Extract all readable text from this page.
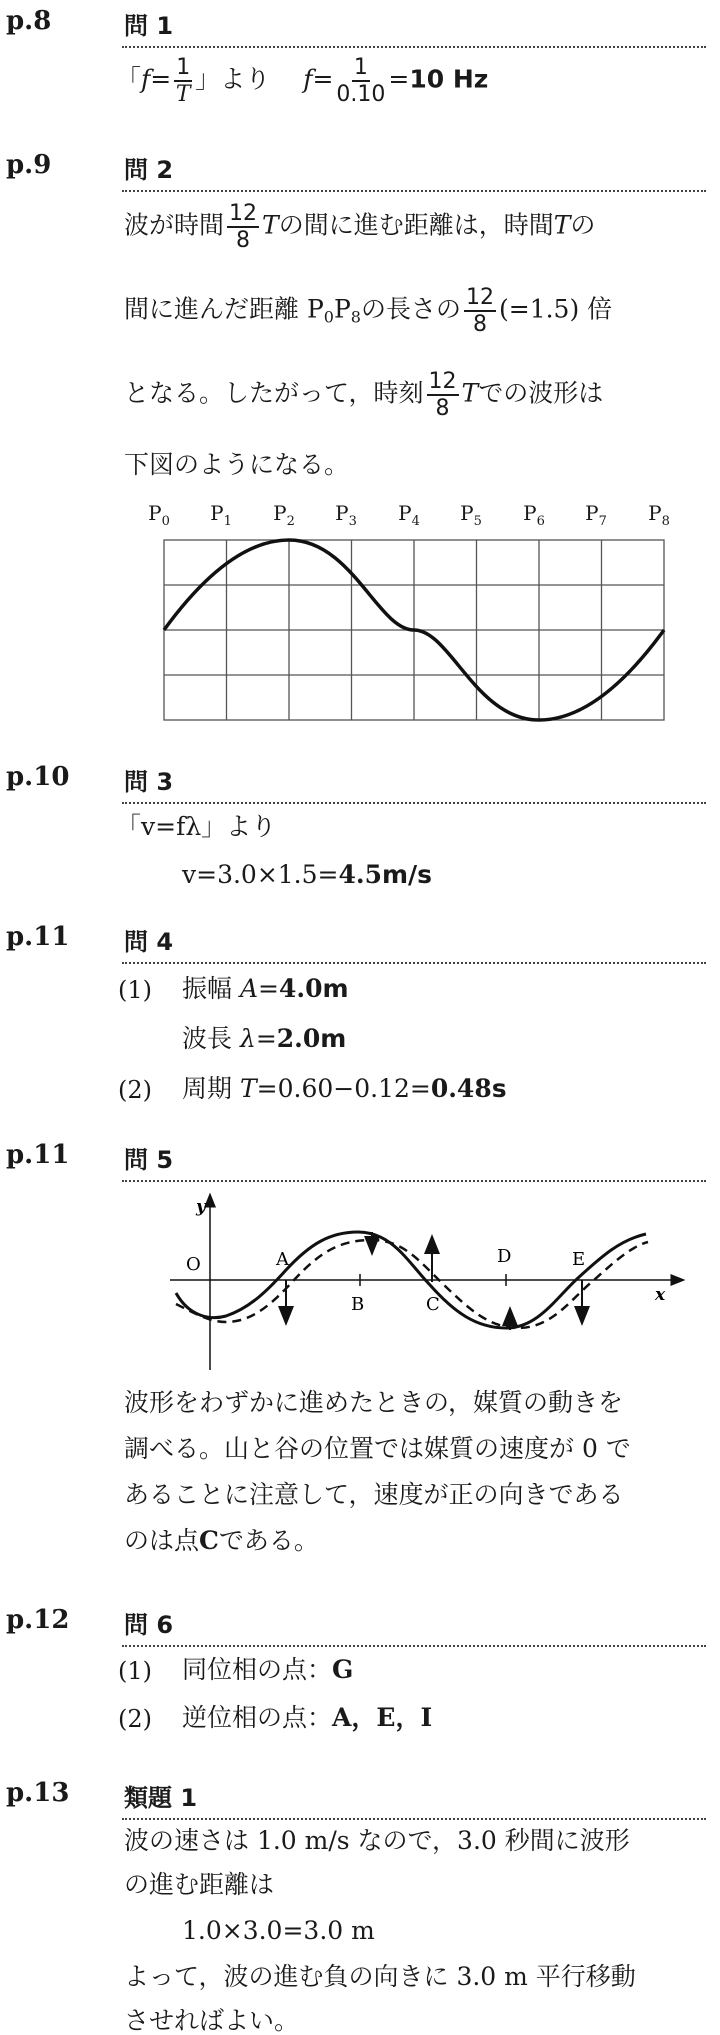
p.8	問 1
「$f= \frac{1}{T}$ 」より　 $f= \frac{1}{0.10} =10$ Hz
p.9	問 2
波が時間 $\frac{12}{8}$ Tの間に進む距離は，時間Tの
間に進んだ距離 $P_0P_8$の長さの $\frac{12}{8} (=1.5)$ 倍
となる。したがって，時刻 $\frac{12}{8}$ Tでの波形は
下図のようになる。
$P_0$ $P_1$ $P_2$ $P_3$ $P_4$ $P_5$ $P_6$ $P_7$ $P_8$
p.10 問 3
「v=fλ」より
v=3.0×1.5=4.5m/s
p.11 問 4
(1) 振幅 A=4.0m
波長 λ=2.0m
(2) 周期 T=0.60−0.12=0.48s
p.11 問 5
y
x
O	A
B	C
D	E
波形をわずかに進めたときの，媒質の動きを
調べる。山と谷の位置では媒質の速度が 0 で
あることに注意して，速度が正の向きである
のは点Cである。
p.12 問 6
(1) 同位相の点：G
(2) 逆位相の点：A，E，I
p.13 類題 1
波の速さは 1.0 m/s なので，3.0 秒間に波形
の進む距離は
1.0×3.0=3.0 m
よって，波の進む負の向きに 3.0 m 平行移動
させればよい。
